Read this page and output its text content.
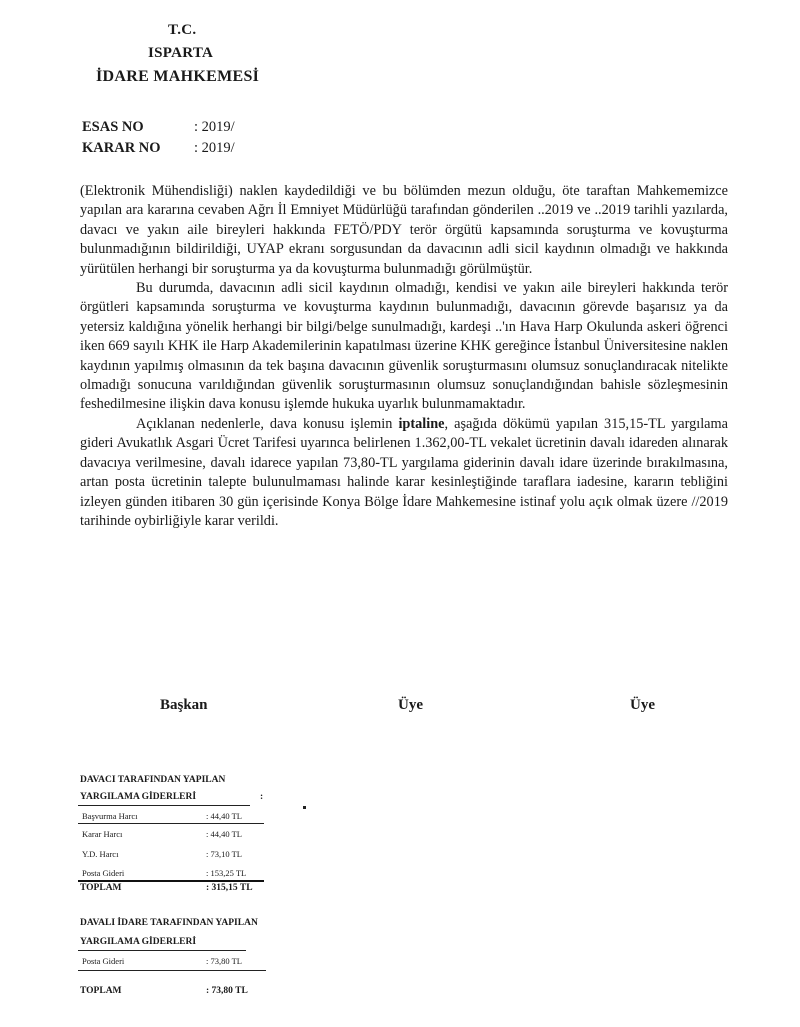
T.C.
ISPARTA
İDARE MAHKEMESİ
ESAS NO	: 2019/
KARAR NO : 2019/

(Elektronik Mühendisliği) naklen kaydedildiği ve bu bölümden mezun olduğu, öte taraftan Mahkememizce yapılan ara kararına cevaben Ağrı İl Emniyet Müdürlüğü tarafından gönderilen ..2019 ve ..2019 tarihli yazılarda, davacı ve yakın aile bireyleri hakkında FETÖ/PDY terör örgütü kapsamında soruşturma ve kovuşturma bulunmadığının bildirildiği, UYAP ekranı sorgusundan da davacının adli sicil kaydının olmadığı ve hakkında yürütülen herhangi bir soruşturma ya da kovuşturma bulunmadığı görülmüştür.

Bu durumda, davacının adli sicil kaydının olmadığı, kendisi ve yakın aile bireyleri hakkında terör örgütleri kapsamında soruşturma ve kovuşturma kaydının bulunmadığı, davacının görevde başarısız ya da yetersiz kaldığına yönelik herhangi bir bilgi/belge sunulmadığı, kardeşi ..'ın Hava Harp Okulunda askeri öğrenci iken 669 sayılı KHK ile Harp Akademilerinin kapatılması üzerine KHK gereğince İstanbul Üniversitesine naklen kaydının yapılmış olmasının da tek başına davacının güvenlik soruşturmasını olumsuz sonuçlandıracak nitelikte olmadığı sonucuna varıldığından güvenlik soruşturmasının olumsuz sonuçlandığından bahisle sözleşmesinin feshedilmesine ilişkin dava konusu işlemde hukuka uyarlık bulunmamaktadır.

Açıklanan nedenlerle, dava konusu işlemin iptaline, aşağıda dökümü yapılan 315,15-TL yargılama gideri Avukatlık Asgari Ücret Tarifesi uyarınca belirlenen 1.362,00-TL vekalet ücretinin davalı idareden alınarak davacıya verilmesine, davalı idarece yapılan 73,80-TL yargılama giderinin davalı idare üzerinde bırakılmasına, artan posta ücretinin talepte bulunulmaması halinde karar kesinleştiğinde taraflara iadesine, kararın tebliğini izleyen günden itibaren 30 gün içerisinde Konya Bölge İdare Mahkemesine istinaf yolu açık olmak üzere //2019 tarihinde oybirliğiyle karar verildi.

Başkan	Üye	Üye
DAVACI TARAFINDAN YAPILAN
YARGILAMA GİDERLERİ	:
Başvurma Harcı	: 44,40 TL
Karar Harcı	: 44,40 TL
Y.D. Harcı	: 73,10 TL
Posta Gideri	: 153,25 TL
TOPLAM	: 315,15 TL
DAVALI İDARE TARAFINDAN YAPILAN
YARGILAMA GİDERLERİ
Posta Gideri	: 73,80 TL
TOPLAM	: 73,80 TL
